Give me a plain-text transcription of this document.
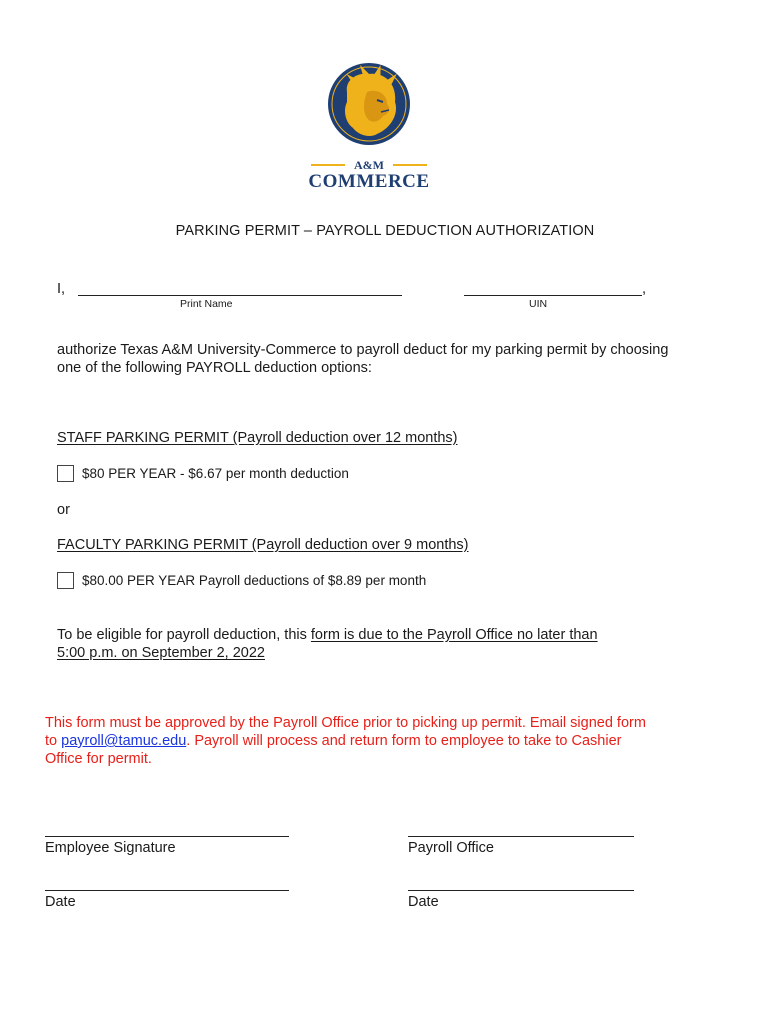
A&M
COMMERCE
PARKING PERMIT – PAYROLL DEDUCTION AUTHORIZATION
I,
Print Name
,
UIN

authorize Texas A&M University-Commerce to payroll deduct for my parking permit by choosing

one of the following PAYROLL deduction options:

STAFF PARKING PERMIT (Payroll deduction over 12 months)
$80 PER YEAR - $6.67 per month deduction
or
FACULTY PARKING PERMIT (Payroll deduction over 9 months)
$80.00 PER YEAR Payroll deductions of $8.89 per month

To be eligible for payroll deduction, this form is due to the Payroll Office no later than

5:00 p.m. on September 2, 2022

This form must be approved by the Payroll Office prior to picking up permit. Email signed form

to payroll@tamuc.edu. Payroll will process and return form to employee to take to Cashier

Office for permit.

Employee Signature	Payroll Office
Date	Date
